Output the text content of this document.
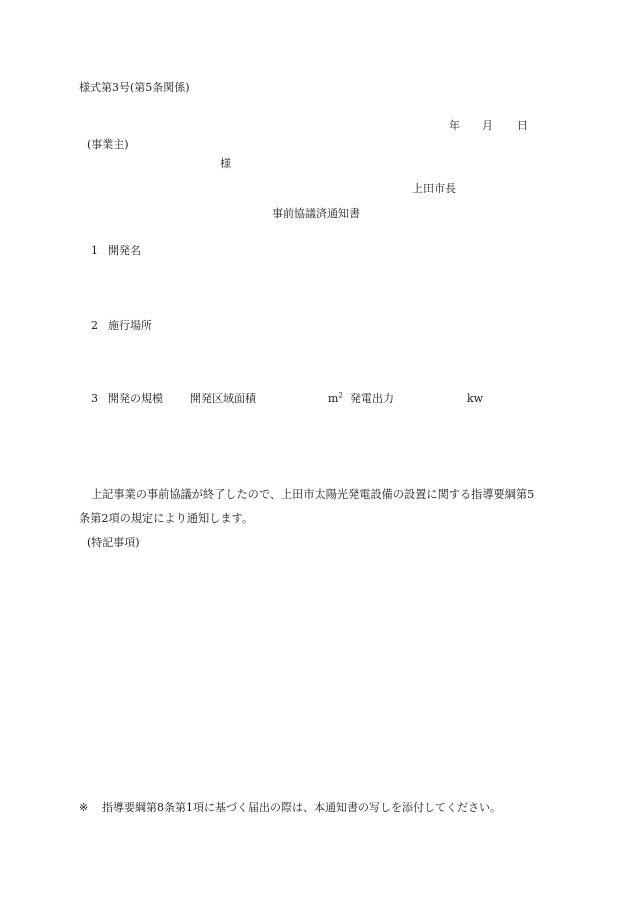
様式第3号(第5条関係)
年 月 日
(事業主)
様
上田市長
事前協議済通知書
1 開発名
2 施行場所
3 開発の規模 開発区域面積	$m^2$ 発電出力	kw
上記事業の事前協議が終了したので、上田市太陽光発電設備の設置に関する指導要綱第5
条第2項の規定により通知します。
(特記事項)
※ 指導要綱第8条第1項に基づく届出の際は、本通知書の写しを添付してください。
